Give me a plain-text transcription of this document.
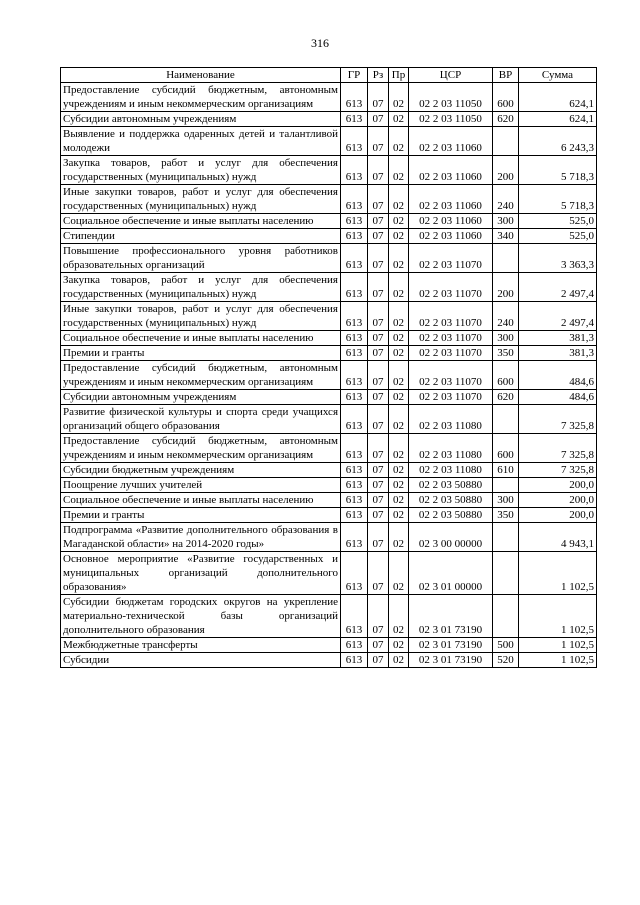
316
Наименование	ГР	Рз	Пр	ЦСР	ВР	Сумма
Предоставление субсидий бюджетным, автономным учреждениям и иным некоммерческим организациям	613	07	02	02 2 03 11050	600	624,1
Субсидии автономным учреждениям	613	07	02	02 2 03 11050	620	624,1
Выявление и поддержка одаренных детей и талантливой молодежи	613	07	02	02 2 03 11060		6 243,3
Закупка товаров, работ и услуг для обеспечения государственных (муниципальных) нужд	613	07	02	02 2 03 11060	200	5 718,3
Иные закупки товаров, работ и услуг для обеспечения государственных (муниципальных) нужд	613	07	02	02 2 03 11060	240	5 718,3
Социальное обеспечение и иные выплаты населению	613	07	02	02 2 03 11060	300	525,0
Стипендии	613	07	02	02 2 03 11060	340	525,0
Повышение профессионального уровня работников образовательных организаций	613	07	02	02 2 03 11070		3 363,3
Закупка товаров, работ и услуг для обеспечения государственных (муниципальных) нужд	613	07	02	02 2 03 11070	200	2 497,4
Иные закупки товаров, работ и услуг для обеспечения государственных (муниципальных) нужд	613	07	02	02 2 03 11070	240	2 497,4
Социальное обеспечение и иные выплаты населению	613	07	02	02 2 03 11070	300	381,3
Премии и гранты	613	07	02	02 2 03 11070	350	381,3
Предоставление субсидий бюджетным, автономным учреждениям и иным некоммерческим организациям	613	07	02	02 2 03 11070	600	484,6
Субсидии автономным учреждениям	613	07	02	02 2 03 11070	620	484,6
Развитие физической культуры и спорта среди учащихся организаций общего образования	613	07	02	02 2 03 11080		7 325,8
Предоставление субсидий бюджетным, автономным учреждениям и иным некоммерческим организациям	613	07	02	02 2 03 11080	600	7 325,8
Субсидии бюджетным учреждениям	613	07	02	02 2 03 11080	610	7 325,8
Поощрение лучших учителей	613	07	02	02 2 03 50880		200,0
Социальное обеспечение и иные выплаты населению	613	07	02	02 2 03 50880	300	200,0
Премии и гранты	613	07	02	02 2 03 50880	350	200,0
Подпрограмма «Развитие дополнительного образования в Магаданской области» на 2014-2020 годы»	613	07	02	02 3 00 00000		4 943,1
Основное мероприятие «Развитие государственных и муниципальных организаций дополнительного образования»	613	07	02	02 3 01 00000		1 102,5
Субсидии бюджетам городских округов на укрепление материально-технической базы организаций дополнительного образования	613	07	02	02 3 01 73190		1 102,5
Межбюджетные трансферты	613	07	02	02 3 01 73190	500	1 102,5
Субсидии	613	07	02	02 3 01 73190	520	1 102,5
